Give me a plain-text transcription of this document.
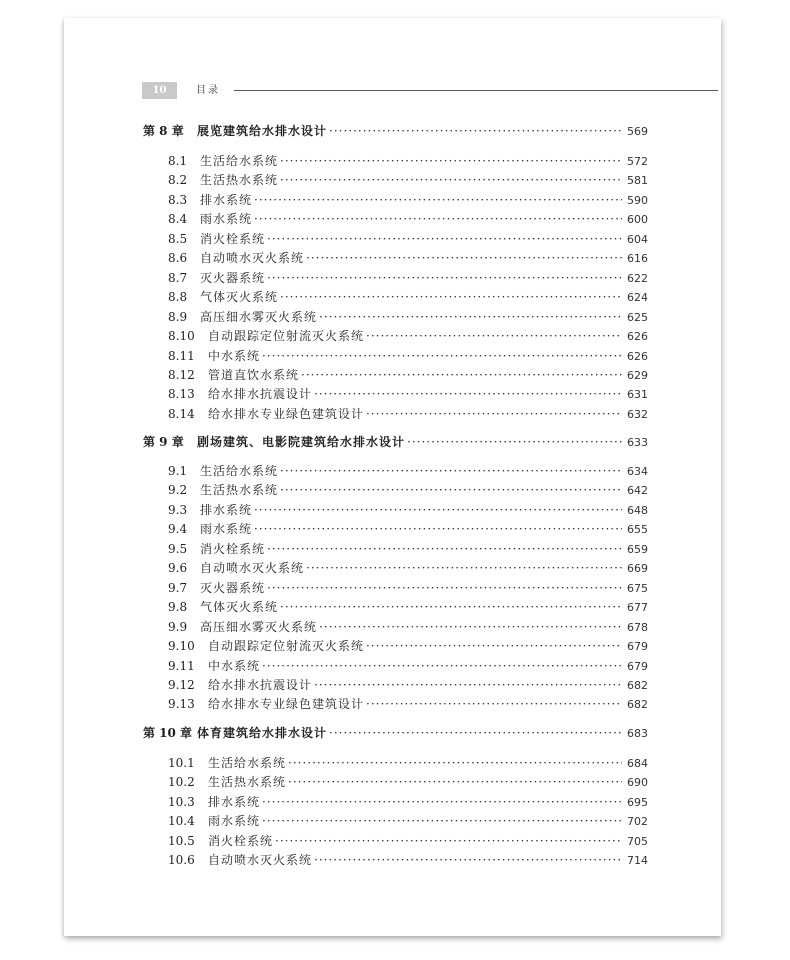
10	目录
第 8 章	展览建筑给水排水设计 ·····	569
8.1	生活给水系统 ·····	572
8.2	生活热水系统 ·····	581
8.3	排水系统 ·····	590
8.4	雨水系统 ·····	600
8.5	消火栓系统 ·····	604
8.6	自动喷水灭火系统 ·····	616
8.7	灭火器系统 ·····	622
8.8	气体灭火系统 ·····	624
8.9	高压细水雾灭火系统 ·····	625
8.10	自动跟踪定位射流灭火系统 ·····	626
8.11	中水系统 ·····	626
8.12	管道直饮水系统 ·····	629
8.13	给水排水抗震设计 ·····	631
8.14	给水排水专业绿色建筑设计 ·····	632
第 9 章	剧场建筑、电影院建筑给水排水设计 ·····	633
9.1	生活给水系统 ·····	634
9.2	生活热水系统 ·····	642
9.3	排水系统 ·····	648
9.4	雨水系统 ·····	655
9.5	消火栓系统 ·····	659
9.6	自动喷水灭火系统 ·····	669
9.7	灭火器系统 ·····	675
9.8	气体灭火系统 ·····	677
9.9	高压细水雾灭火系统 ·····	678
9.10	自动跟踪定位射流灭火系统 ·····	679
9.11	中水系统 ·····	679
9.12	给水排水抗震设计 ·····	682
9.13	给水排水专业绿色建筑设计 ·····	682
第 10 章 体育建筑给水排水设计 ·····	683
10.1	生活给水系统 ·····	684
10.2	生活热水系统 ·····	690
10.3	排水系统 ·····	695
10.4	雨水系统 ·····	702
10.5	消火栓系统 ·····	705
10.6	自动喷水灭火系统 ·····	714
